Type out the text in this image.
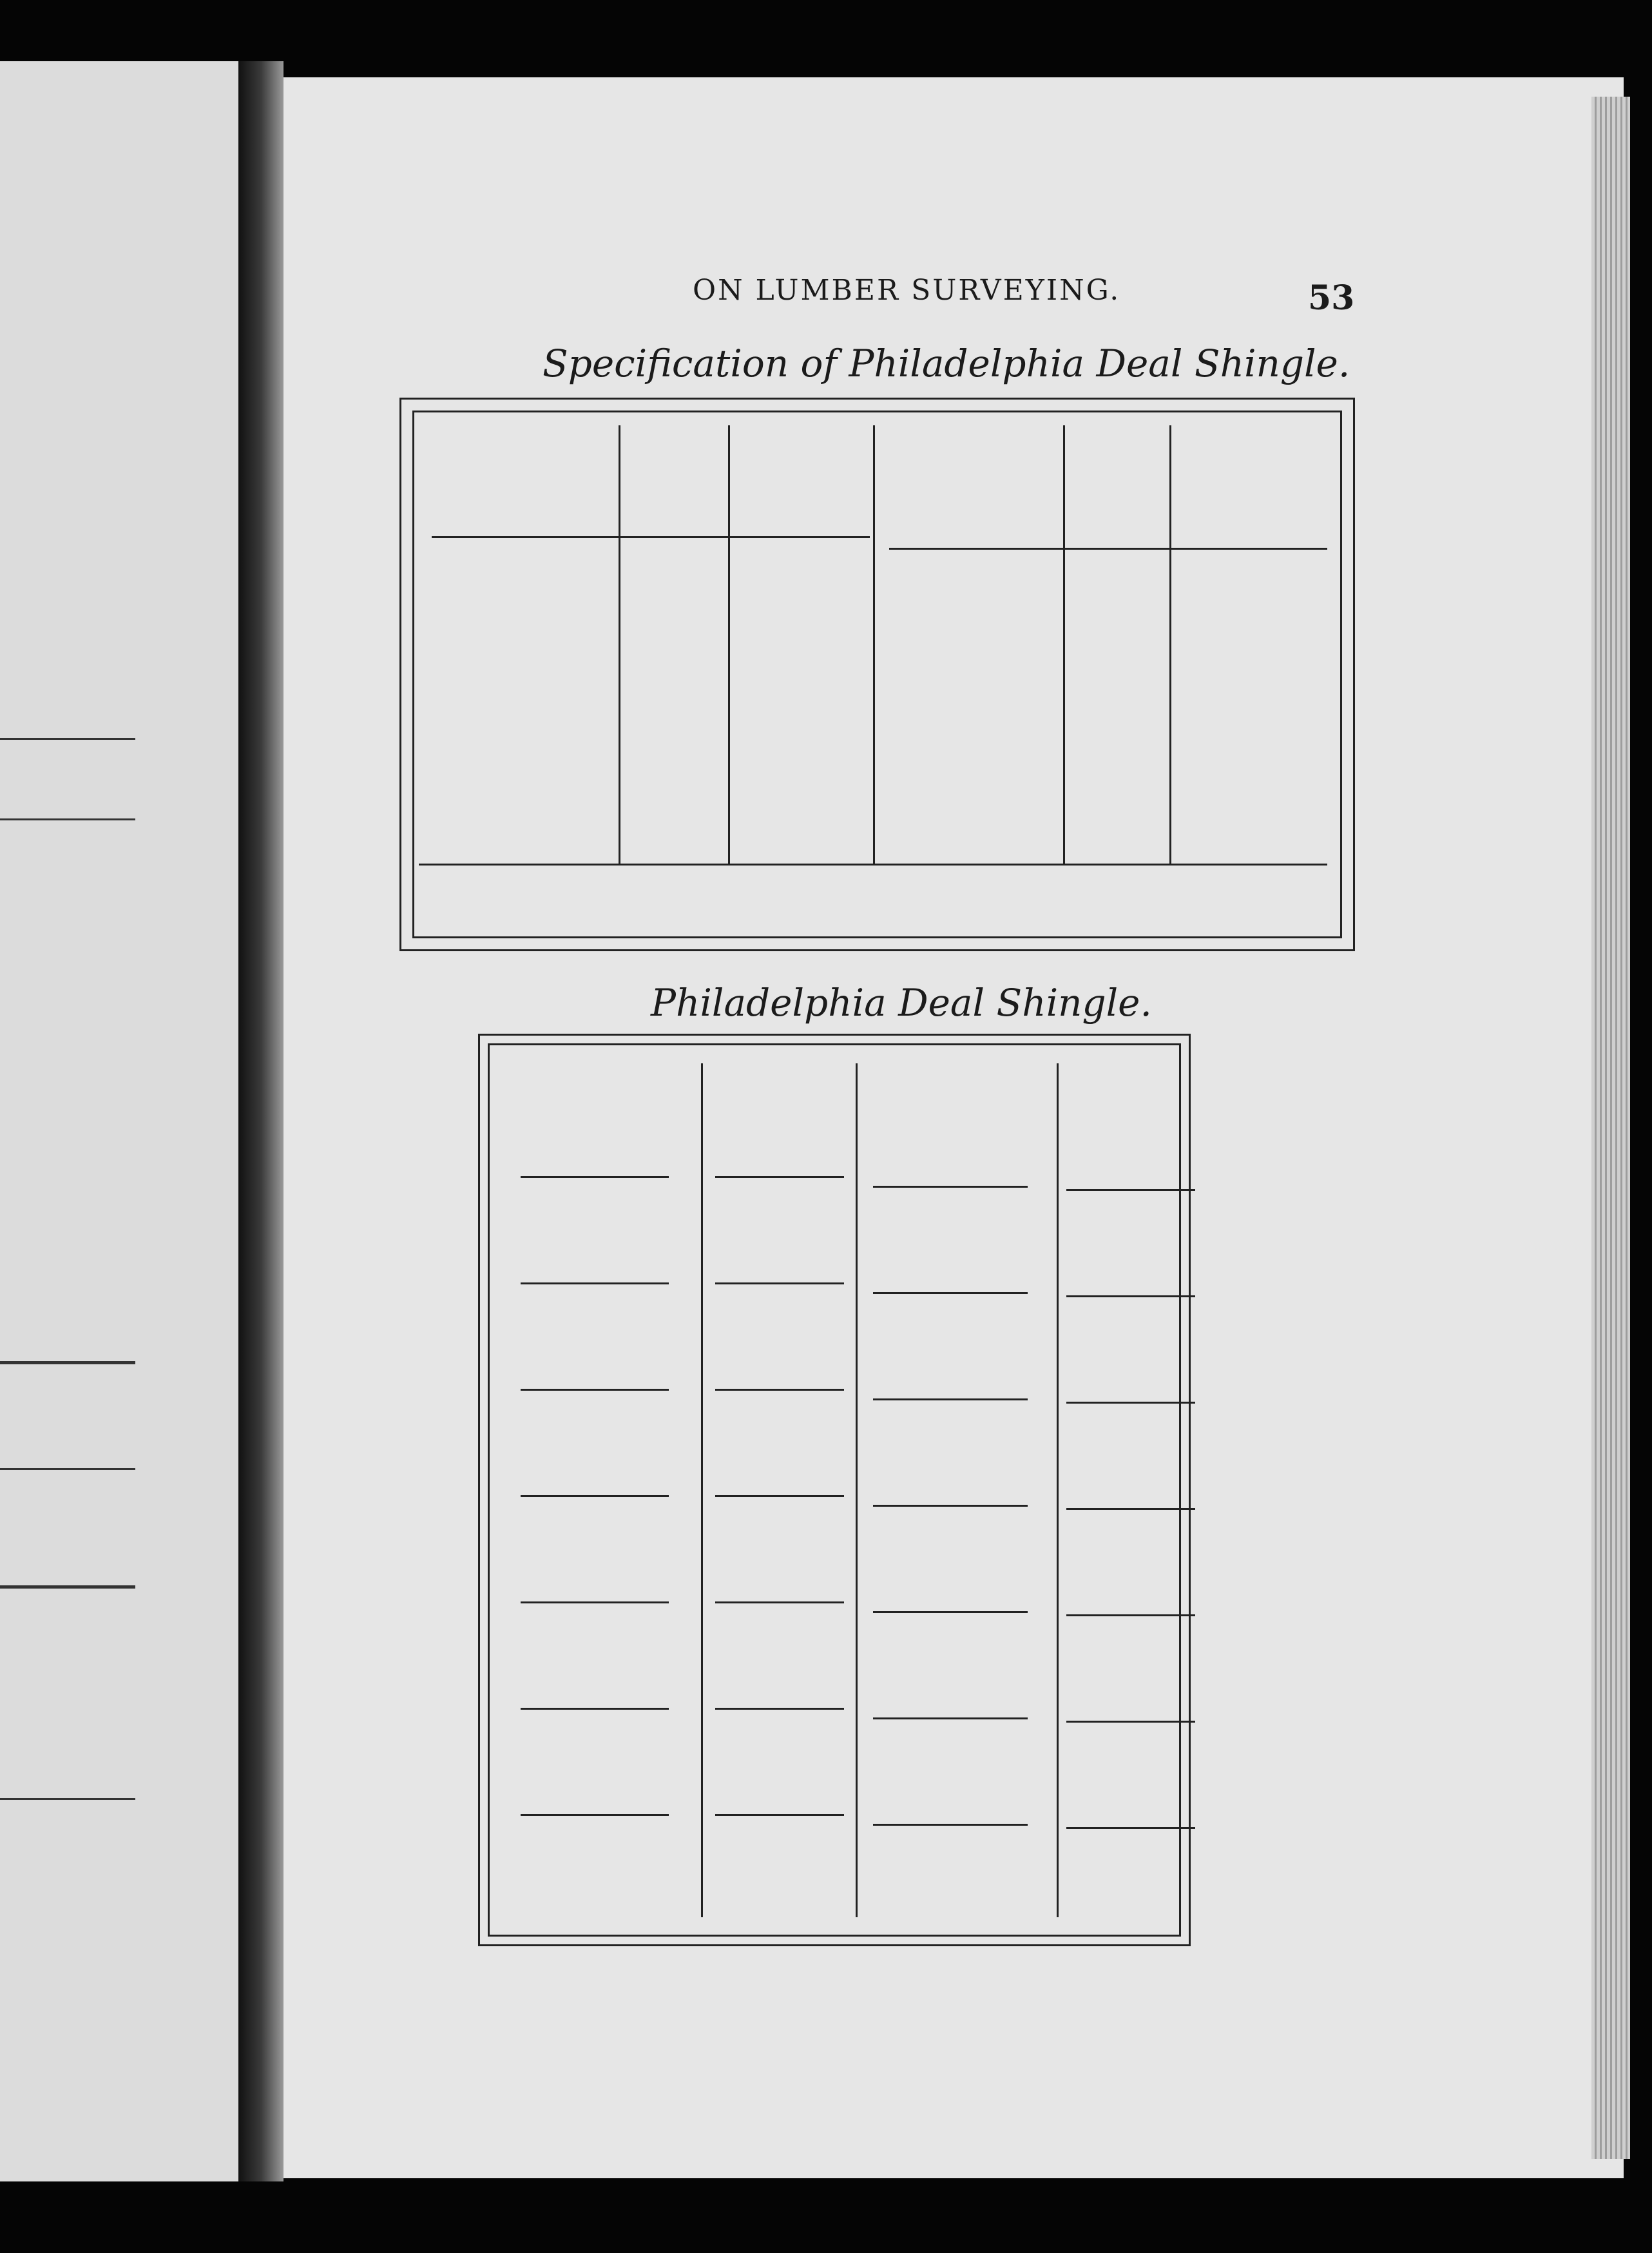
ON LUMBER SURVEYING.	53
Specification of Philadelphia Deal Shingle.
Philadelphia Deal Shingle.
